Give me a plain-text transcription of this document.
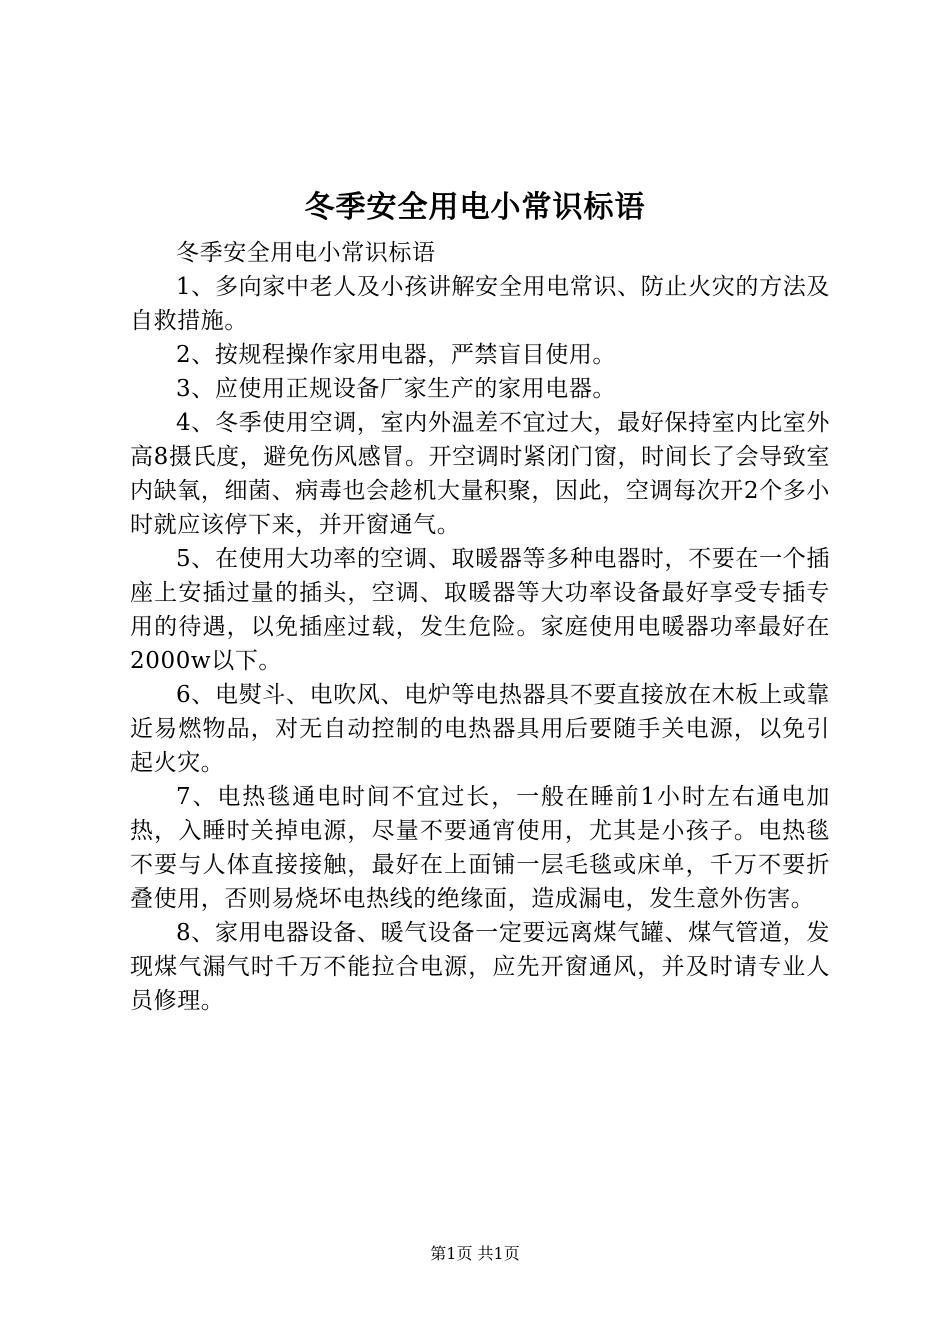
冬季安全用电小常识标语

冬季安全用电小常识标语

1、多向家中老人及小孩讲解安全用电常识、防止火灾的方法及自救措施。

2、按规程操作家用电器，严禁盲目使用。

3、应使用正规设备厂家生产的家用电器。

4、冬季使用空调，室内外温差不宜过大，最好保持室内比室外高8摄氏度，避免伤风感冒。开空调时紧闭门窗，时间长了会导致室内缺氧，细菌、病毒也会趁机大量积聚，因此，空调每次开2个多小时就应该停下来，并开窗通气。

5、在使用大功率的空调、取暖器等多种电器时，不要在一个插座上安插过量的插头，空调、取暖器等大功率设备最好享受专插专用的待遇，以免插座过载，发生危险。家庭使用电暖器功率最好在2000w以下。

6、电熨斗、电吹风、电炉等电热器具不要直接放在木板上或靠近易燃物品，对无自动控制的电热器具用后要随手关电源，以免引起火灾。

7、电热毯通电时间不宜过长，一般在睡前1小时左右通电加热，入睡时关掉电源，尽量不要通宵使用，尤其是小孩子。电热毯不要与人体直接接触，最好在上面铺一层毛毯或床单，千万不要折叠使用，否则易烧坏电热线的绝缘面，造成漏电，发生意外伤害。

8、家用电器设备、暖气设备一定要远离煤气罐、煤气管道，发现煤气漏气时千万不能拉合电源，应先开窗通风，并及时请专业人员修理。

第1页 共1页
